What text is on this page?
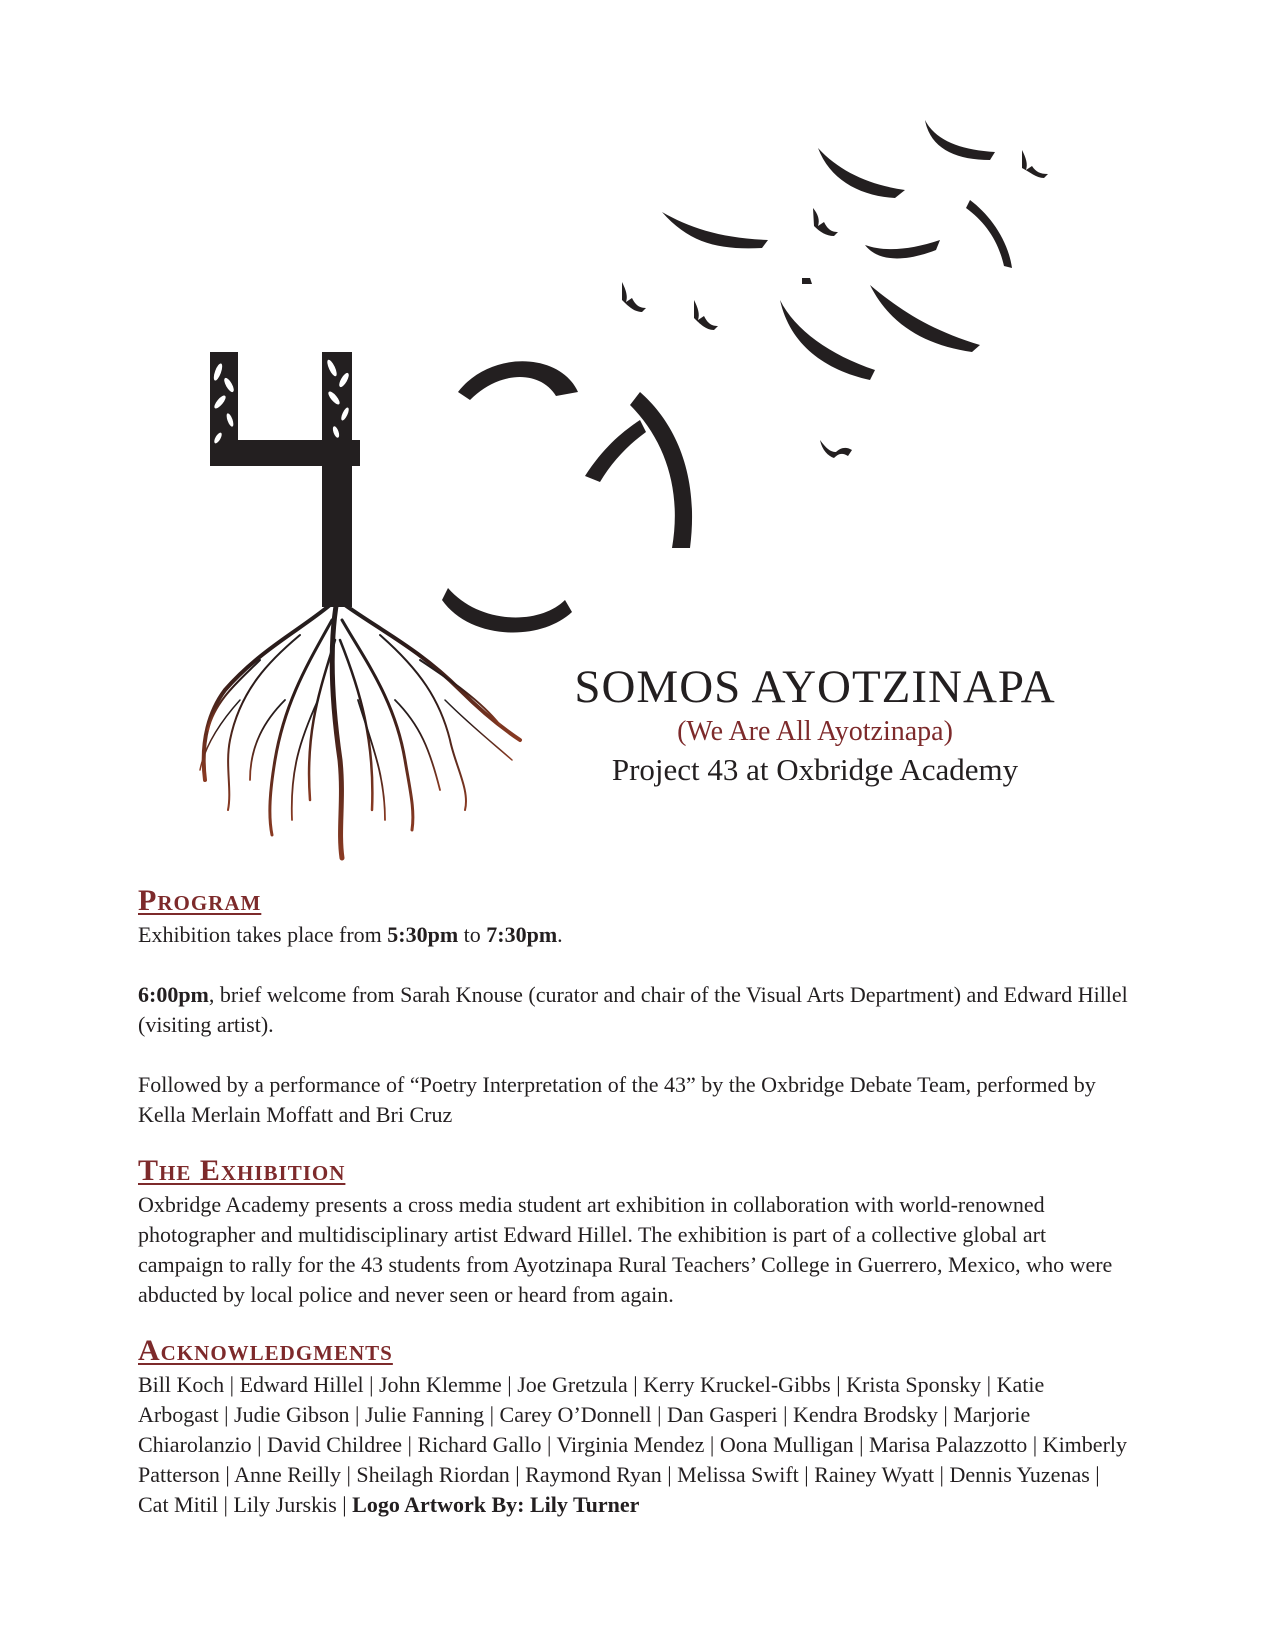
SOMOS AYOTZINAPA

(We Are All Ayotzinapa)

Project 43 at Oxbridge Academy

Program

Exhibition takes place from 5:30pm to 7:30pm.

6:00pm, brief welcome from Sarah Knouse (curator and chair of the Visual Arts Department) and Edward Hillel (visiting artist).

Followed by a performance of “Poetry Interpretation of the 43” by the Oxbridge Debate Team, performed by Kella Merlain Moffatt and Bri Cruz

The Exhibition

Oxbridge Academy presents a cross media student art exhibition in collaboration with world-renowned photographer and multidisciplinary artist Edward Hillel. The exhibition is part of a collective global art campaign to rally for the 43 students from Ayotzinapa Rural Teachers’ College in Guerrero, Mexico, who were abducted by local police and never seen or heard from again.

Acknowledgments

Bill Koch | Edward Hillel | John Klemme | Joe Gretzula | Kerry Kruckel-Gibbs | Krista Sponsky | Katie Arbogast | Judie Gibson | Julie Fanning | Carey O’Donnell | Dan Gasperi | Kendra Brodsky | Marjorie Chiarolanzio | David Childree | Richard Gallo | Virginia Mendez | Oona Mulligan | Marisa Palazzotto | Kimberly Patterson | Anne Reilly | Sheilagh Riordan | Raymond Ryan | Melissa Swift | Rainey Wyatt | Dennis Yuzenas | Cat Mitil | Lily Jurskis | Logo Artwork By: Lily Turner
